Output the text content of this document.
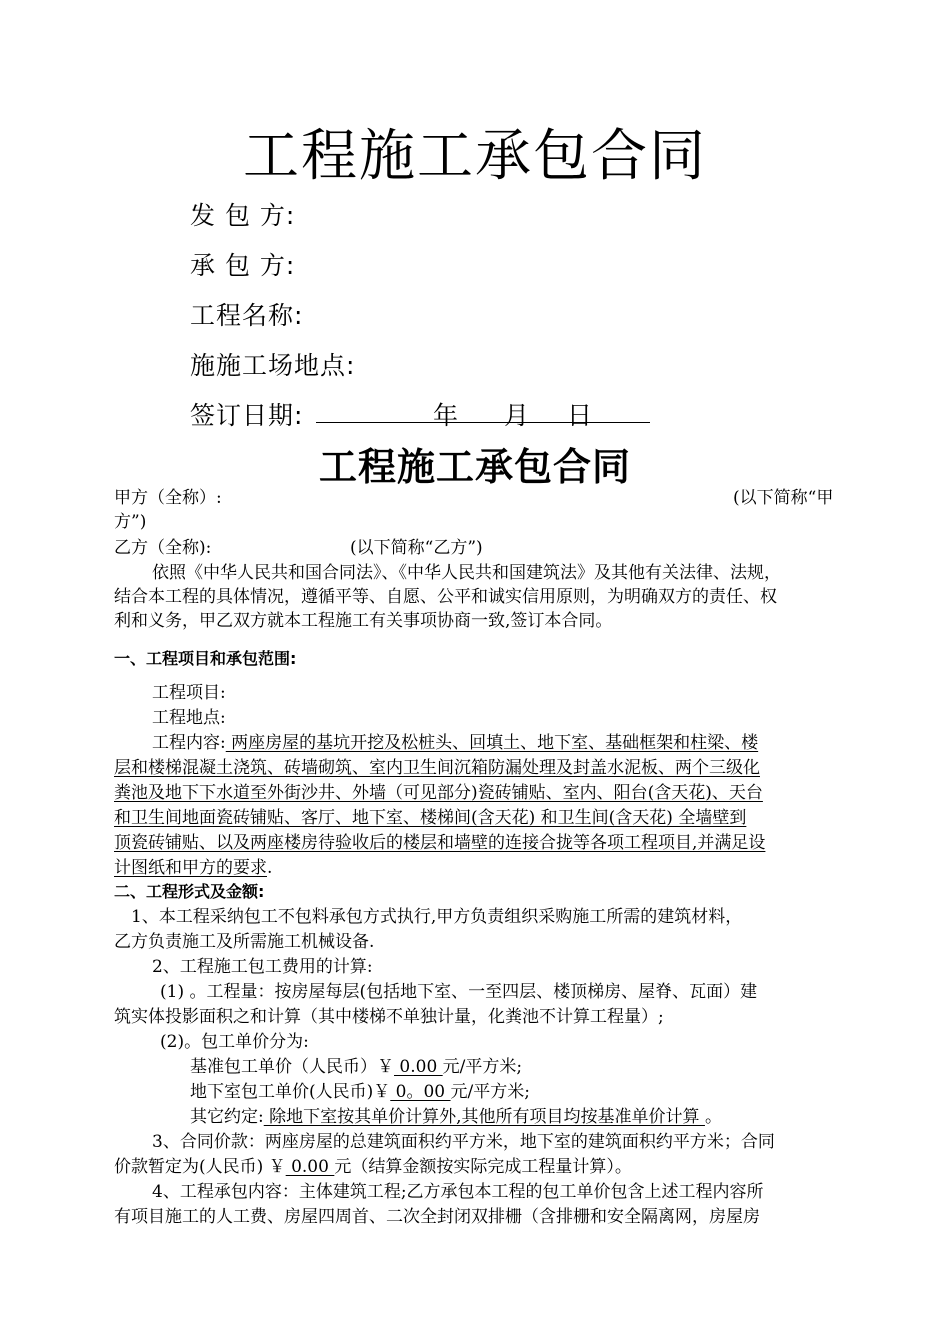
工程施工承包合同
发 包 方:
承 包 方:
工程名称:
施施工场地点:
签订日期:	年 月 日
工程施工承包合同
甲方（全称）:	(以下简称“甲
方”)
乙方（全称):	(以下简称“乙方”)
依照《中华人民共和国合同法》、《中华人民共和国建筑法》及其他有关法律、法规，
结合本工程的具体情况，遵循平等、自愿、公平和诚实信用原则，为明确双方的责任、权
利和义务，甲乙双方就本工程施工有关事项协商一致,签订本合同。
一、工程项目和承包范围:
工程项目:
工程地点:
工程内容: 两座房屋的基坑开挖及松桩头、回填土、地下室、基础框架和柱梁、楼
层和楼梯混凝土浇筑、砖墙砌筑、室内卫生间沉箱防漏处理及封盖水泥板、两个三级化
粪池及地下下水道至外街沙井、外墙（可见部分)瓷砖铺贴、室内、阳台(含天花)、天台
和卫生间地面瓷砖铺贴、客厅、地下室、楼梯间(含天花) 和卫生间(含天花) 全墙壁到
顶瓷砖铺贴、以及两座楼房待验收后的楼层和墙壁的连接合拢等各项工程项目,并满足设
计图纸和甲方的要求.
二、工程形式及金额:
1、本工程采纳包工不包料承包方式执行,甲方负责组织采购施工所需的建筑材料，
乙方负责施工及所需施工机械设备.
2、工程施工包工费用的计算:
(1) 。工程量：按房屋每层(包括地下室、一至四层、楼顶梯房、屋脊、瓦面）建
筑实体投影面积之和计算（其中楼梯不单独计量，化粪池不计算工程量）;
(2)。包工单价分为:
基准包工单价（人民币）￥ 0.00 元/平方米;
地下室包工单价(人民币)￥ 0。00 元/平方米;
其它约定: 除地下室按其单价计算外,其他所有项目均按基准单价计算 。
3、合同价款：两座房屋的总建筑面积约平方米，地下室的建筑面积约平方米；合同
价款暂定为(人民币) ￥ 0.00 元（结算金额按实际完成工程量计算）。
4、工程承包内容：主体建筑工程;乙方承包本工程的包工单价包含上述工程内容所
有项目施工的人工费、房屋四周首、二次全封闭双排栅（含排栅和安全隔离网，房屋房
